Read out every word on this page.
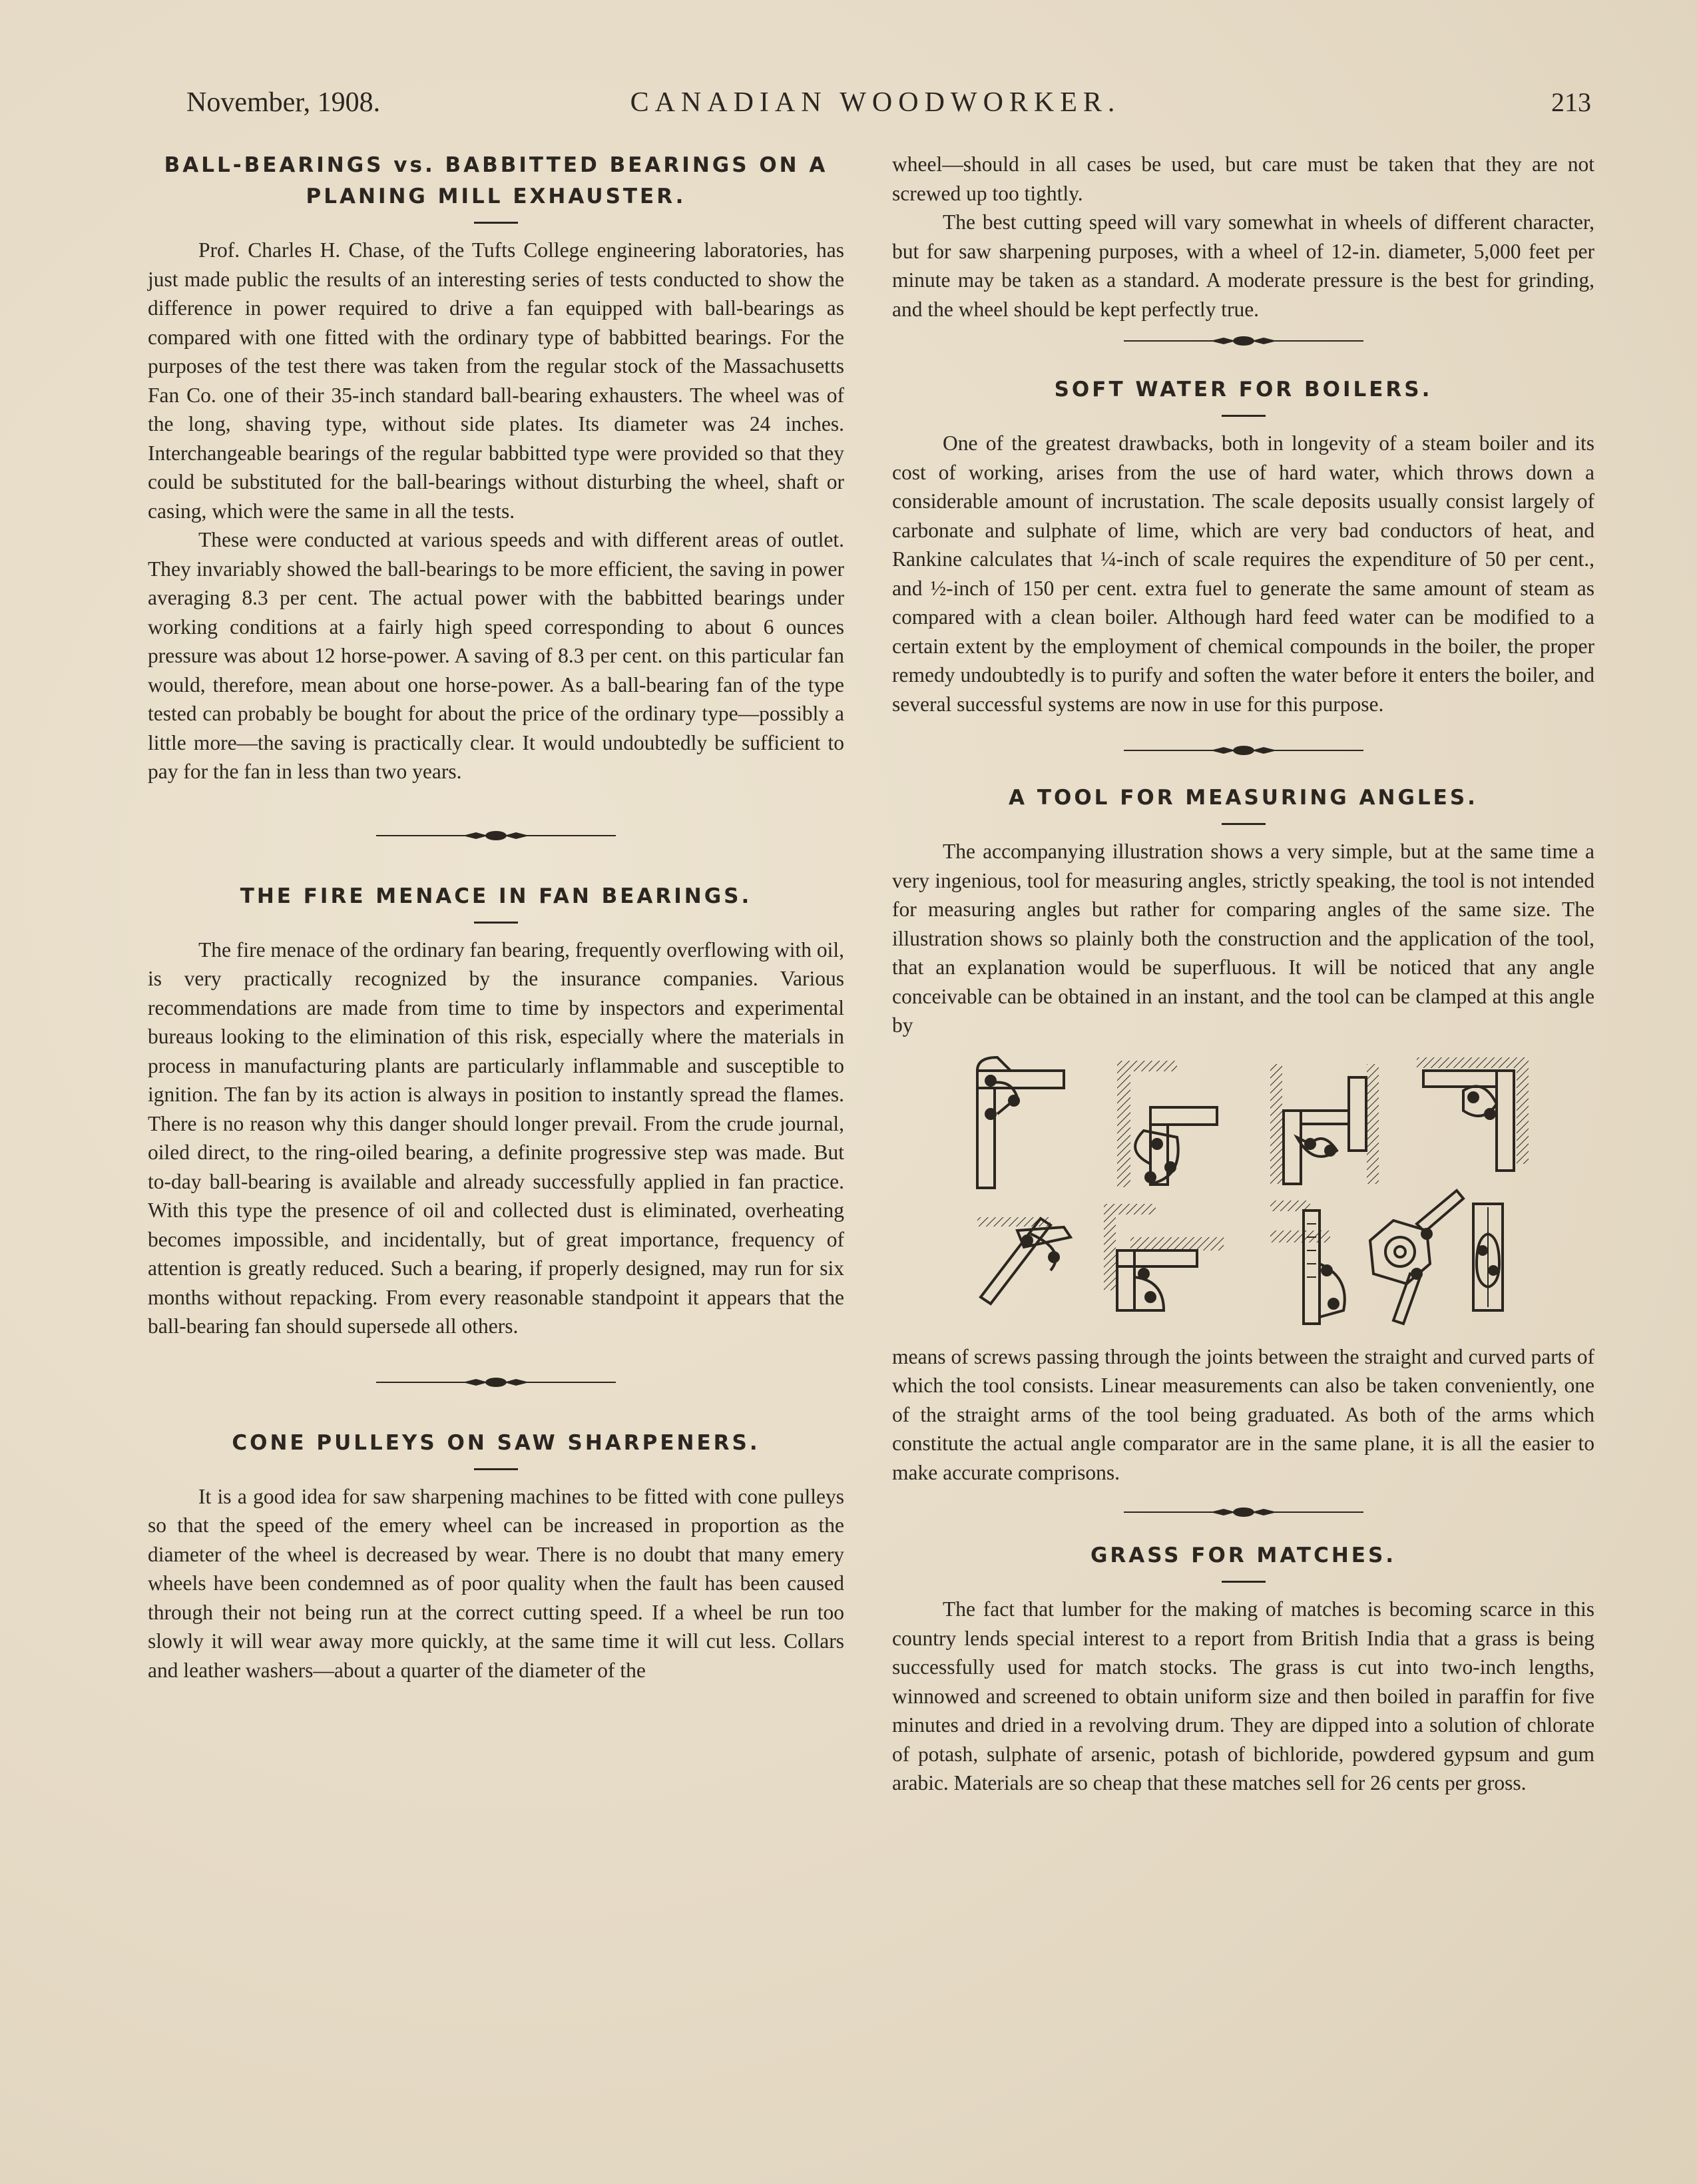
November, 1908.	CANADIAN WOODWORKER.	213
BALL-BEARINGS vs. BABBITTED BEARINGS ON A
PLANING MILL EXHAUSTER.

Prof. Charles H. Chase, of the Tufts College engineering laboratories, has just made public the results of an interesting series of tests conducted to show the difference in power required to drive a fan equipped with ball-bearings as compared with one fitted with the ordinary type of babbitted bearings. For the purposes of the test there was taken from the regular stock of the Massachusetts Fan Co. one of their 35-inch standard ball-bearing exhausters. The wheel was of the long, shaving type, without side plates. Its diameter was 24 inches. Interchangeable bearings of the regular babbitted type were provided so that they could be substituted for the ball-bearings without disturbing the wheel, shaft or casing, which were the same in all the tests.

These were conducted at various speeds and with different areas of outlet. They invariably showed the ball-bearings to be more efficient, the saving in power averaging 8.3 per cent. The actual power with the babbitted bearings under working conditions at a fairly high speed corresponding to about 6 ounces pressure was about 12 horse-power. A saving of 8.3 per cent. on this particular fan would, therefore, mean about one horse-power. As a ball-bearing fan of the type tested can probably be bought for about the price of the ordinary type—possibly a little more—the saving is practically clear. It would undoubtedly be sufficient to pay for the fan in less than two years.

THE FIRE MENACE IN FAN BEARINGS.

The fire menace of the ordinary fan bearing, frequently overflowing with oil, is very practically recognized by the insurance companies. Various recommendations are made from time to time by inspectors and experimental bureaus looking to the elimination of this risk, especially where the materials in process in manufacturing plants are particularly inflammable and susceptible to ignition. The fan by its action is always in position to instantly spread the flames. There is no reason why this danger should longer prevail. From the crude journal, oiled direct, to the ring-oiled bearing, a definite progressive step was made. But to-day ball-bearing is available and already successfully applied in fan practice. With this type the presence of oil and collected dust is eliminated, overheating becomes impossible, and incidentally, but of great importance, frequency of attention is greatly reduced. Such a bearing, if properly designed, may run for six months without repacking. From every reasonable standpoint it appears that the ball-bearing fan should supersede all others.

CONE PULLEYS ON SAW SHARPENERS.

It is a good idea for saw sharpening machines to be fitted with cone pulleys so that the speed of the emery wheel can be increased in proportion as the diameter of the wheel is decreased by wear. There is no doubt that many emery wheels have been condemned as of poor quality when the fault has been caused through their not being run at the correct cutting speed. If a wheel be run too slowly it will wear away more quickly, at the same time it will cut less. Collars and leather washers—about a quarter of the diameter of the

wheel—should in all cases be used, but care must be taken that they are not screwed up too tightly.

The best cutting speed will vary somewhat in wheels of different character, but for saw sharpening purposes, with a wheel of 12-in. diameter, 5,000 feet per minute may be taken as a standard. A moderate pressure is the best for grinding, and the wheel should be kept perfectly true.

SOFT WATER FOR BOILERS.

One of the greatest drawbacks, both in longevity of a steam boiler and its cost of working, arises from the use of hard water, which throws down a considerable amount of incrustation. The scale deposits usually consist largely of carbonate and sulphate of lime, which are very bad conductors of heat, and Rankine calculates that ¼-inch of scale requires the expenditure of 50 per cent., and ½-inch of 150 per cent. extra fuel to generate the same amount of steam as compared with a clean boiler. Although hard feed water can be modified to a certain extent by the employment of chemical compounds in the boiler, the proper remedy undoubtedly is to purify and soften the water before it enters the boiler, and several successful systems are now in use for this purpose.

A TOOL FOR MEASURING ANGLES.

The accompanying illustration shows a very simple, but at the same time a very ingenious, tool for measuring angles, strictly speaking, the tool is not intended for measuring angles but rather for comparing angles of the same size. The illustration shows so plainly both the construction and the application of the tool, that an explanation would be superfluous. It will be noticed that any angle conceivable can be obtained in an instant, and the tool can be clamped at this angle by

means of screws passing through the joints between the straight and curved parts of which the tool consists. Linear measurements can also be taken conveniently, one of the straight arms of the tool being graduated. As both of the arms which constitute the actual angle comparator are in the same plane, it is all the easier to make accurate comprisons.

GRASS FOR MATCHES.

The fact that lumber for the making of matches is becoming scarce in this country lends special interest to a report from British India that a grass is being successfully used for match stocks. The grass is cut into two-inch lengths, winnowed and screened to obtain uniform size and then boiled in paraffin for five minutes and dried in a revolving drum. They are dipped into a solution of chlorate of potash, sulphate of arsenic, potash of bichloride, powdered gypsum and gum arabic. Materials are so cheap that these matches sell for 26 cents per gross.
